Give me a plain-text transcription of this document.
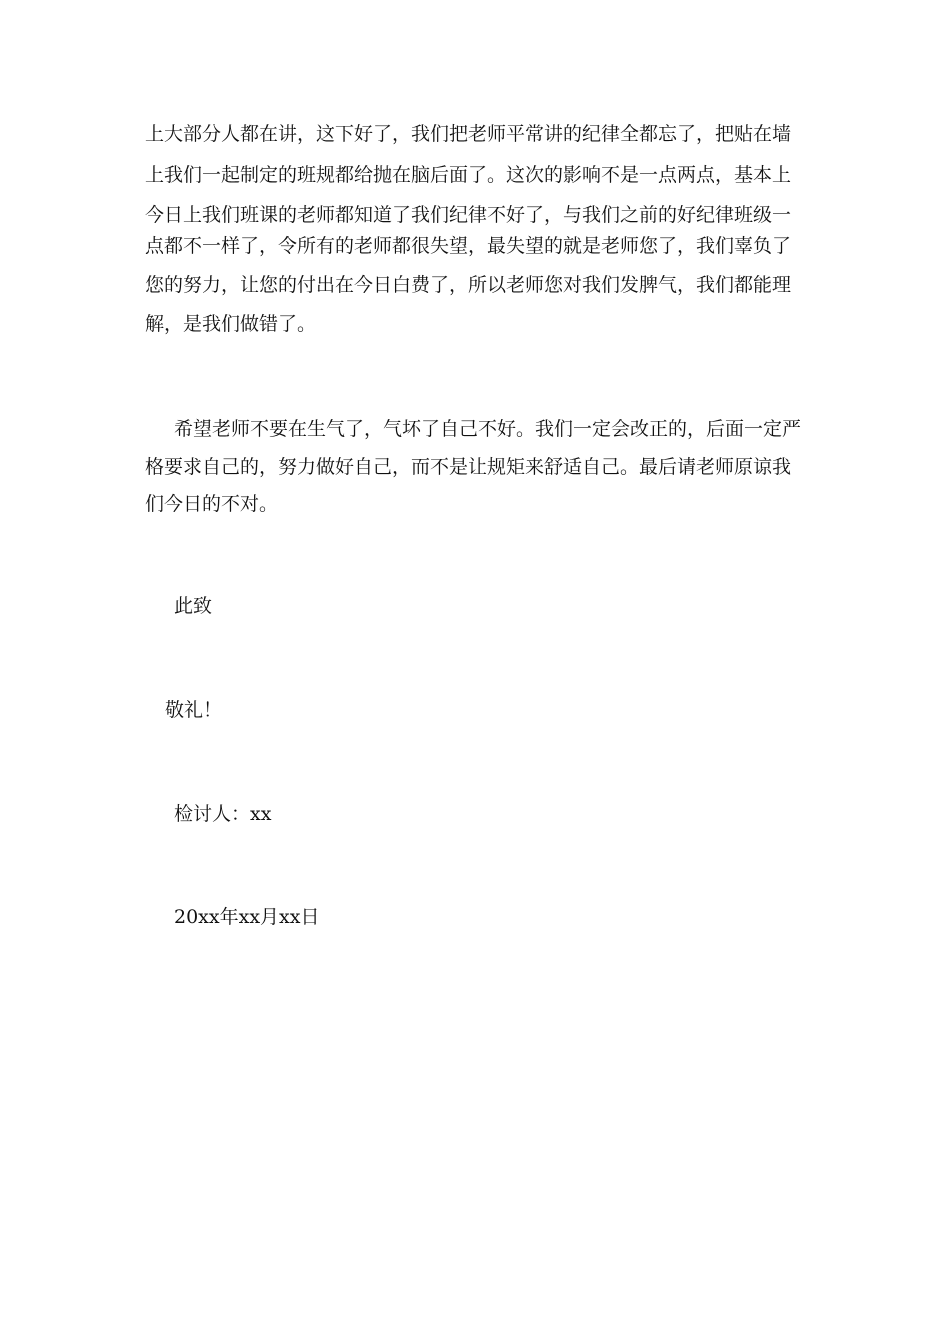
上大部分人都在讲，这下好了，我们把老师平常讲的纪律全都忘了，把贴在墙
上我们一起制定的班规都给抛在脑后面了。这次的影响不是一点两点，基本上
今日上我们班课的老师都知道了我们纪律不好了，与我们之前的好纪律班级一
点都不一样了，令所有的老师都很失望，最失望的就是老师您了，我们辜负了
您的努力，让您的付出在今日白费了，所以老师您对我们发脾气，我们都能理
解，是我们做错了。
希望老师不要在生气了，气坏了自己不好。我们一定会改正的，后面一定严
格要求自己的，努力做好自己，而不是让规矩来舒适自己。最后请老师原谅我
们今日的不对。
此致
敬礼！
检讨人：xx
20xx年xx月xx日
